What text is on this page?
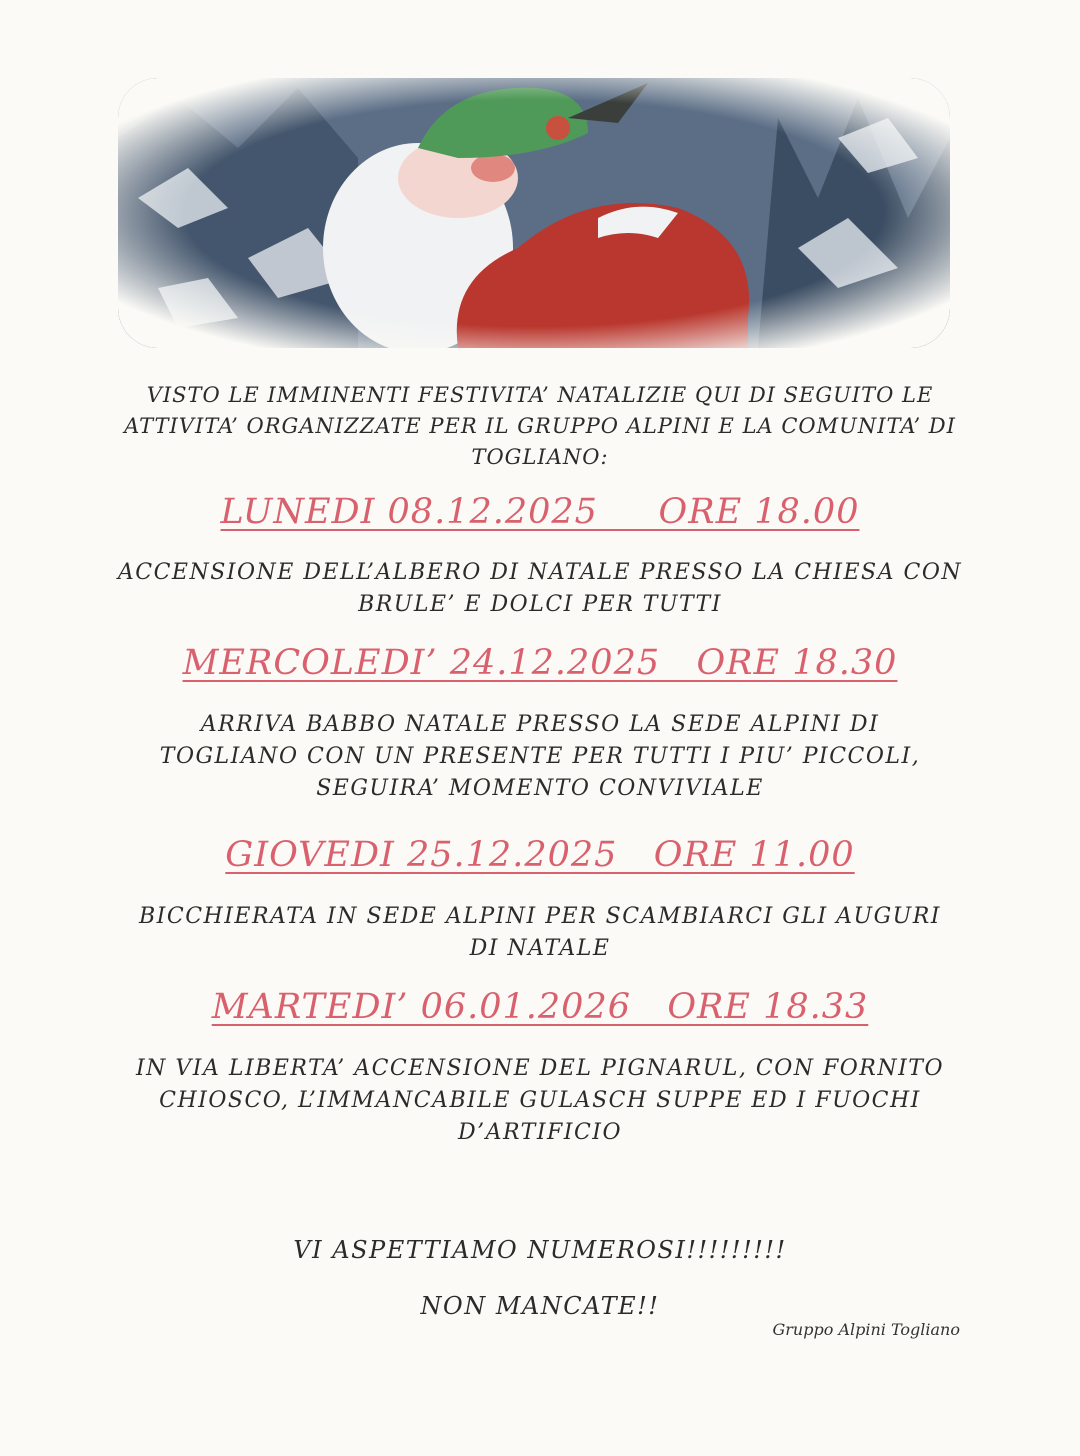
VISTO LE IMMINENTI FESTIVITA’ NATALIZIE QUI DI SEGUITO LE
ATTIVITA’ ORGANIZZATE PER IL GRUPPO ALPINI E LA COMUNITA’ DI
TOGLIANO:
LUNEDI 08.12.2025     ORE 18.00
ACCENSIONE DELL’ALBERO DI NATALE PRESSO LA CHIESA CON
BRULE’ E DOLCI PER TUTTI
MERCOLEDI’ 24.12.2025   ORE 18.30
ARRIVA BABBO NATALE PRESSO LA SEDE ALPINI DI
TOGLIANO CON UN PRESENTE PER TUTTI I PIU’ PICCOLI,
SEGUIRA’ MOMENTO CONVIVIALE
GIOVEDI 25.12.2025   ORE 11.00
BICCHIERATA IN SEDE ALPINI PER SCAMBIARCI GLI AUGURI
DI NATALE
MARTEDI’ 06.01.2026   ORE 18.33
IN VIA LIBERTA’ ACCENSIONE DEL PIGNARUL, CON FORNITO
CHIOSCO, L’IMMANCABILE GULASCH SUPPE ED I FUOCHI
D’ARTIFICIO
VI ASPETTIAMO NUMEROSI!!!!!!!!!
NON MANCATE!!
Gruppo Alpini Togliano
